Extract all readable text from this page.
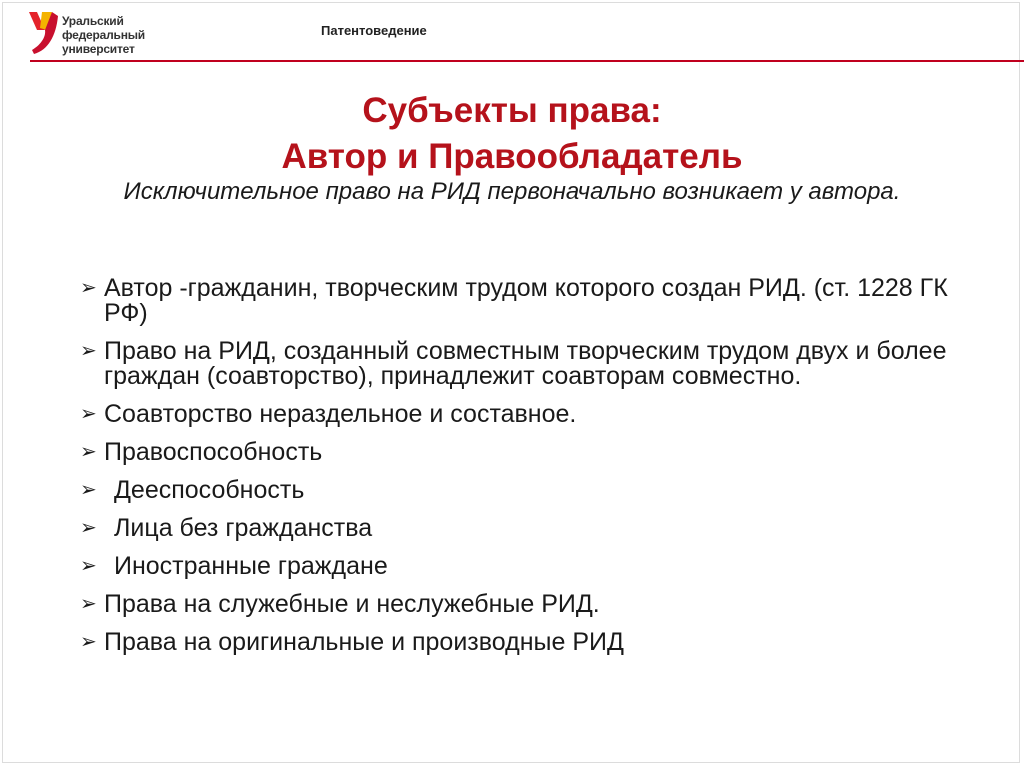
Уральский
федеральный
университет
Патентоведение
Субъекты права:
Автор и Правообладатель
Исключительное право на РИД первоначально возникает у автора.
➢ Автор -гражданин, творческим трудом которого создан РИД. (ст. 1228 ГК РФ)
➢ Право на РИД, созданный совместным творческим трудом двух и более граждан (соавторство), принадлежит соавторам совместно.
➢ Соавторство нераздельное и составное.
➢ Правоспособность
➢ Дееспособность
➢ Лица без гражданства
➢ Иностранные граждане
➢ Права на служебные и неслужебные РИД.
➢ Права на оригинальные и производные РИД
